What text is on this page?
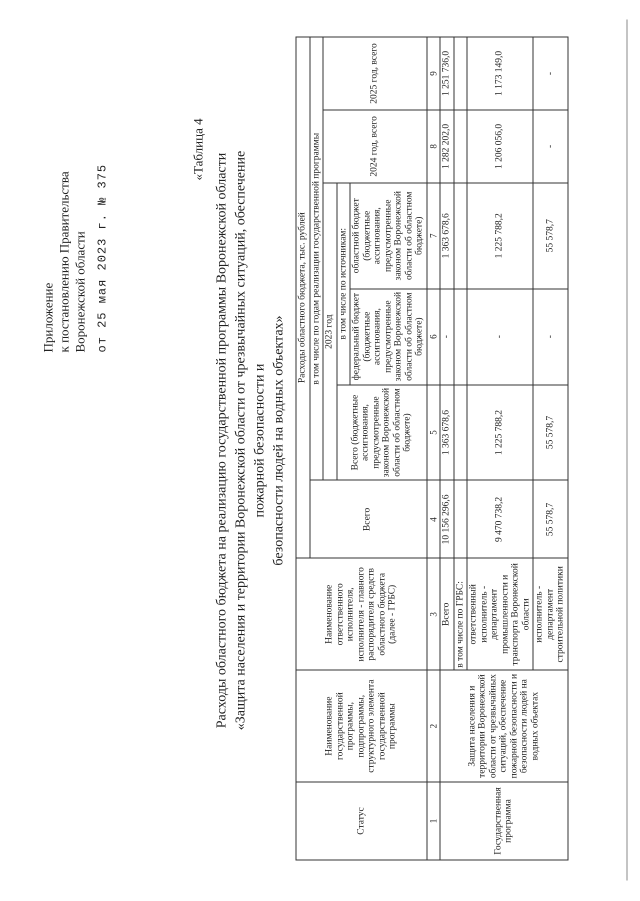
Приложение к постановлению Правительства Воронежской области от 25 мая 2023 г. № 375
«Таблица 4
Расходы областного бюджета на реализацию государственной программы Воронежской области «Защита населения и территории Воронежской области от чрезвычайных ситуаций, обеспечение пожарной безопасности и безопасности людей на водных объектах»
Статус	Наименование государственной программы, подпрограммы, структурного элемента государственной программы	Наименование ответственного исполнителя, исполнителя - главного распорядителя средств областного бюджета (далее - ГРБС)	Расходы областного бюджета, тыс. рублей					
			Всего	в том числе по годам реализации государственной программы				
				2023 год			2024 год, всего	2025 год, всего
				Всего (бюджетные ассигнования, предусмотренные законом Воронежской области об областном бюджете)	в том числе по источникам:			
					федеральный бюджет (бюджетные ассигнования, предусмотренные законом Воронежской области об областном бюджете)	областной бюджет (бюджетные ассигнования, предусмотренные законом Воронежской области об областном бюджете)		
1	2	3	4	5	6	7	8	9
Государственная программа	Защита населения и территории Воронежской области от чрезвычайных ситуаций, обеспечение пожарной безопасности и безопасности людей на водных объектах	Всего	10 156 296,6	1 363 678,6	-	1 363 678,6	1 282 202,0	1 251 736,0
		в том числе по ГРБС:						
		ответственный исполнитель - департамент промышленности и транспорта Воронежской области	9 470 738,2	1 225 788,2	-	1 225 788,2	1 206 056,0	1 173 149,0
		исполнитель - департамент строительной политики	55 578,7	55 578,7	-	55 578,7	-	-
